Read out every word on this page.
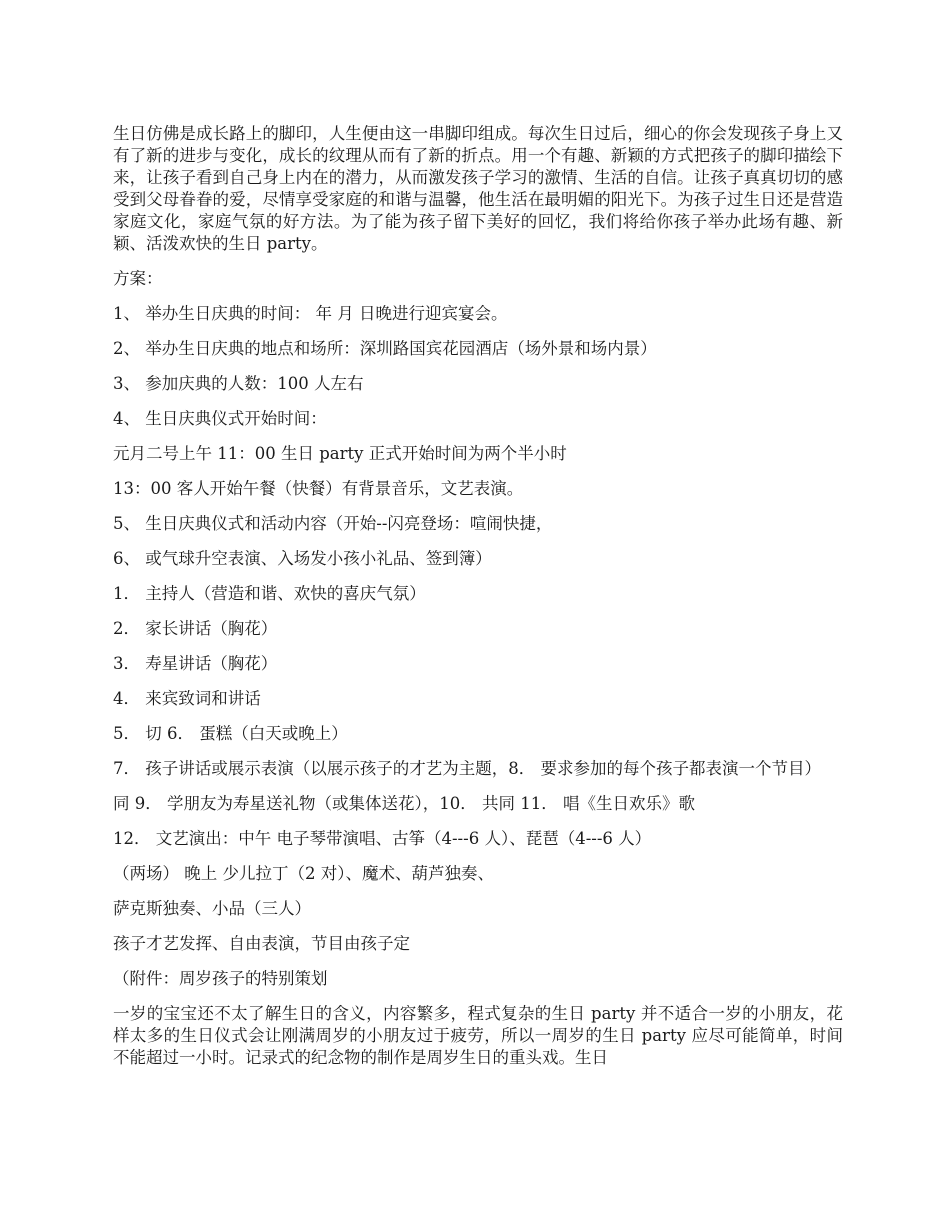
生日仿佛是成长路上的脚印，人生便由这一串脚印组成。每次生日过后，细心的你会发现孩子身上又有了新的进步与变化，成长的纹理从而有了新的折点。用一个有趣、新颖的方式把孩子的脚印描绘下来，让孩子看到自己身上内在的潜力，从而激发孩子学习的激情、生活的自信。让孩子真真切切的感受到父母眷眷的爱，尽情享受家庭的和谐与温馨，他生活在最明媚的阳光下。为孩子过生日还是营造家庭文化，家庭气氛的好方法。为了能为孩子留下美好的回忆，我们将给你孩子举办此场有趣、新颖、活泼欢快的生日 party。

方案：

1、 举办生日庆典的时间： 年 月 日晚进行迎宾宴会。

2、 举办生日庆典的地点和场所：深圳路国宾花园酒店（场外景和场内景）

3、 参加庆典的人数：100 人左右

4、 生日庆典仪式开始时间：

元月二号上午 11：00 生日 party 正式开始时间为两个半小时

13：00 客人开始午餐（快餐）有背景音乐，文艺表演。

5、 生日庆典仪式和活动内容（开始--闪亮登场：喧闹快捷，

6、 或气球升空表演、入场发小孩小礼品、签到簿）

1． 主持人（营造和谐、欢快的喜庆气氛）

2． 家长讲话（胸花）

3． 寿星讲话（胸花）

4． 来宾致词和讲话

5． 切 6． 蛋糕（白天或晚上）

7． 孩子讲话或展示表演（以展示孩子的才艺为主题，8． 要求参加的每个孩子都表演一个节目）

同 9． 学朋友为寿星送礼物（或集体送花），10． 共同 11． 唱《生日欢乐》歌

12． 文艺演出：中午 电子琴带演唱、古筝（4---6 人）、琵琶（4---6 人）

（两场） 晚上 少儿拉丁（2 对）、魔术、葫芦独奏、

萨克斯独奏、小品（三人）

孩子才艺发挥、自由表演，节目由孩子定

（附件：周岁孩子的特别策划

一岁的宝宝还不太了解生日的含义，内容繁多，程式复杂的生日 party 并不适合一岁的小朋友，花样太多的生日仪式会让刚满周岁的小朋友过于疲劳，所以一周岁的生日 party 应尽可能简单，时间不能超过一小时。记录式的纪念物的制作是周岁生日的重头戏。生日
